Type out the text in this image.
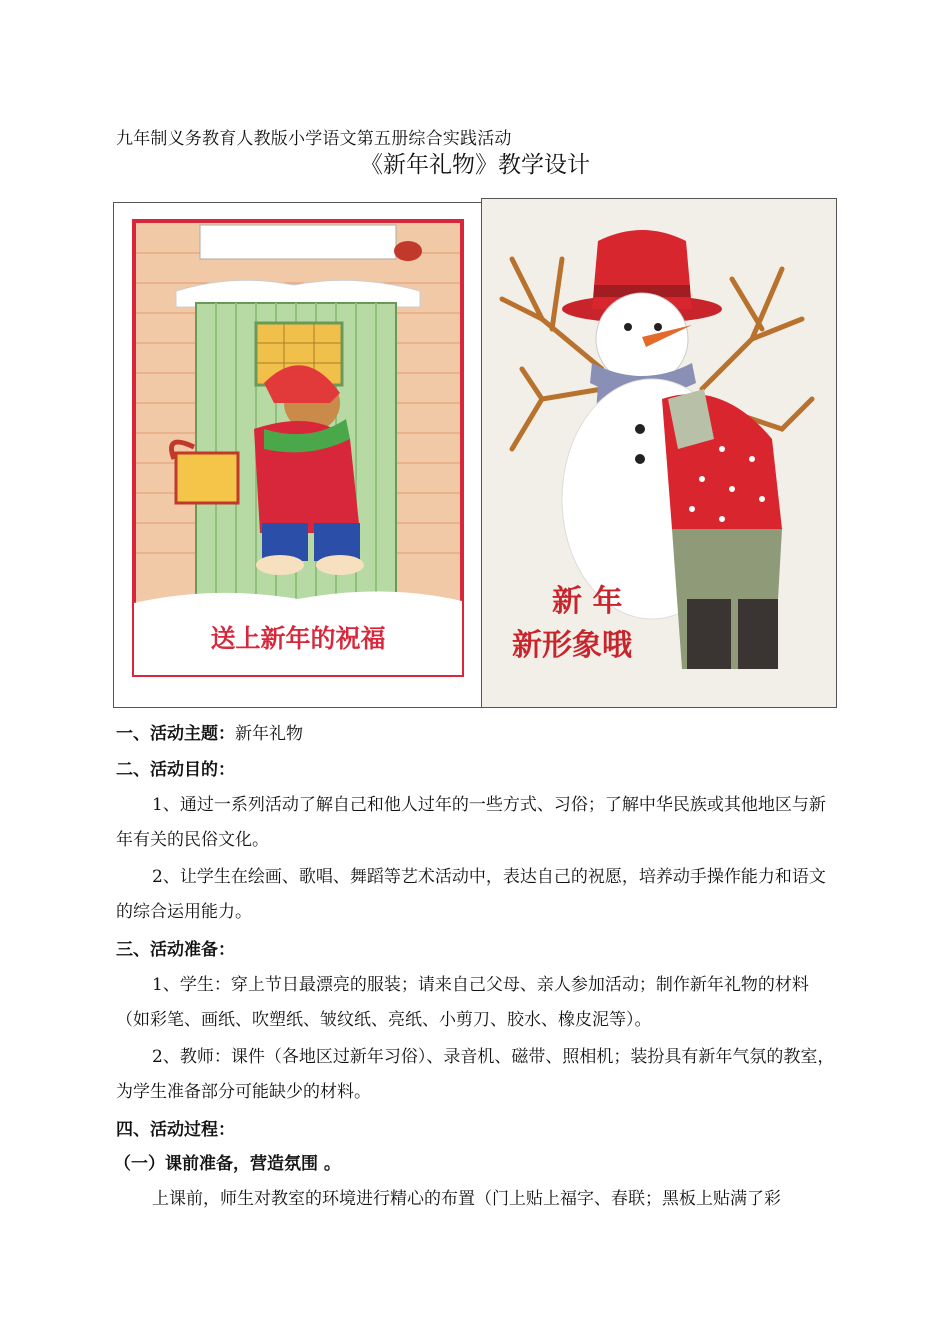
九年制义务教育人教版小学语文第五册综合实践活动
《新年礼物》教学设计
送上新年的祝福
新 年
新形象哦
一、活动主题：新年礼物
二、活动目的：

1、通过一系列活动了解自己和他人过年的一些方式、习俗；了解中华民族或其他地区与新年有关的民俗文化。

2、让学生在绘画、歌唱、舞蹈等艺术活动中，表达自己的祝愿，培养动手操作能力和语文的综合运用能力。

三、活动准备：

1、学生：穿上节日最漂亮的服装；请来自己父母、亲人参加活动；制作新年礼物的材料（如彩笔、画纸、吹塑纸、皱纹纸、亮纸、小剪刀、胶水、橡皮泥等）。

2、教师：课件（各地区过新年习俗）、录音机、磁带、照相机；装扮具有新年气氛的教室，为学生准备部分可能缺少的材料。

四、活动过程：
（一）课前准备，营造氛围 。

上课前，师生对教室的环境进行精心的布置（门上贴上福字、春联；黑板上贴满了彩
